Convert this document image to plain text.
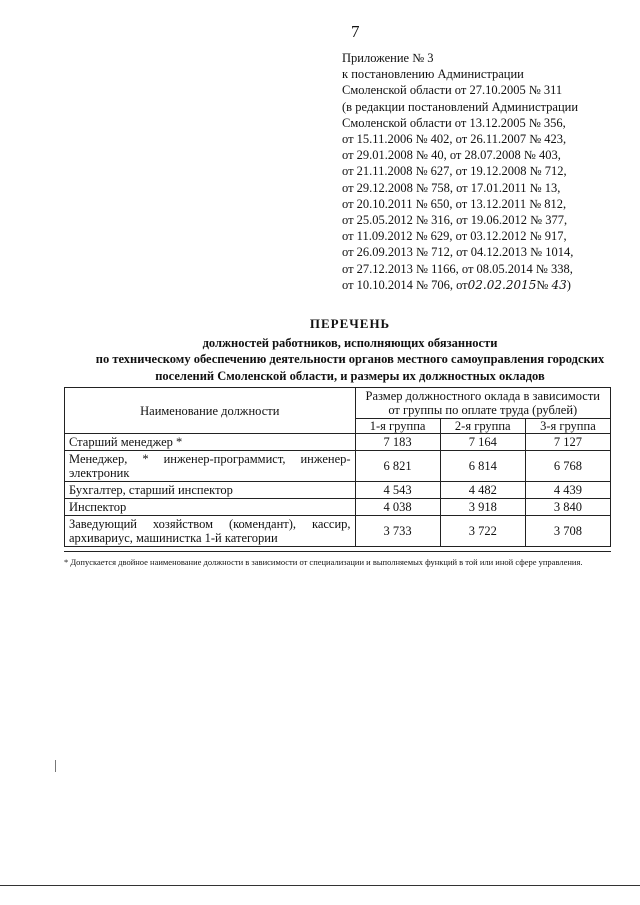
7
Приложение № 3
к постановлению Администрации
Смоленской области от 27.10.2005 № 311
(в редакции постановлений Администрации
Смоленской области от 13.12.2005 № 356,
от 15.11.2006 № 402, от 26.11.2007 № 423,
от 29.01.2008 № 40, от 28.07.2008 № 403,
от 21.11.2008 № 627, от 19.12.2008 № 712,
от 29.12.2008 № 758, от 17.01.2011 № 13,
от 20.10.2011 № 650, от 13.12.2011 № 812,
от 25.05.2012 № 316, от 19.06.2012 № 377,
от 11.09.2012 № 629, от 03.12.2012 № 917,
от 26.09.2013 № 712, от 04.12.2013 № 1014,
от 27.12.2013 № 1166, от 08.05.2014 № 338,
от 10.10.2014 № 706, от02.02.2015№ 43)
ПЕРЕЧЕНЬ
должностей работников, исполняющих обязанности
по техническому обеспечению деятельности органов местного самоуправления городских
поселений Смоленской области, и размеры их должностных окладов
Наименование должности	Размер должностного оклада в зависимости от группы по оплате труда (рублей)		
	1-я группа	2-я группа	3-я группа
Старший менеджер *	7 183	7 164	7 127
Менеджер, * инженер-программист, инженер-электроник	6 821	6 814	6 768
Бухгалтер, старший инспектор	4 543	4 482	4 439
Инспектор	4 038	3 918	3 840
Заведующий хозяйством (комендант), кассир, архивариус, машинистка 1-й категории	3 733	3 722	3 708
* Допускается двойное наименование должности в зависимости от специализации и выполняемых функций в той или иной сфере управления.
